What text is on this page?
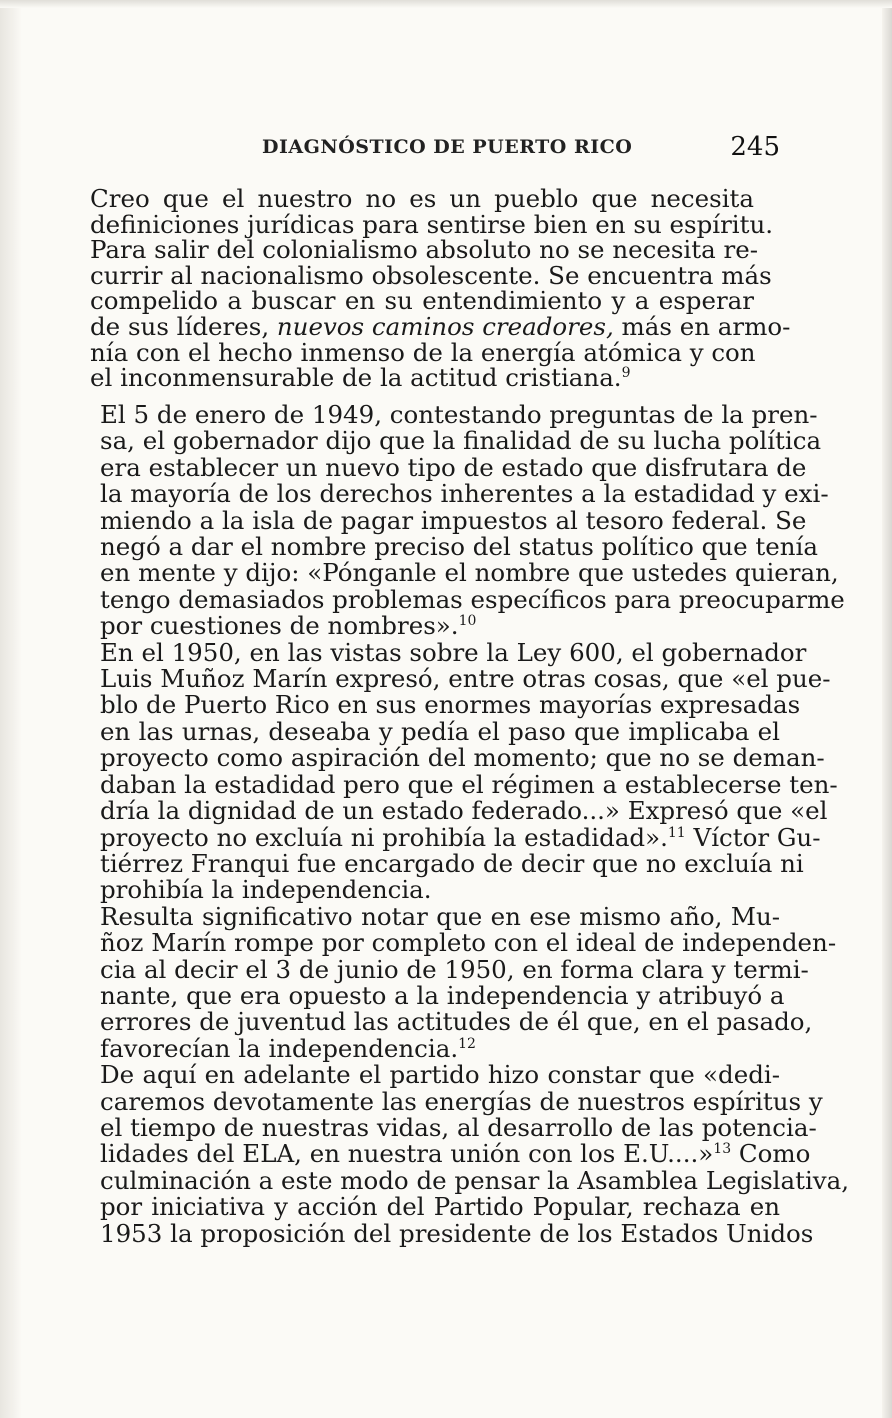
DIAGNÓSTICO DE PUERTO RICO	245

Creo que el nuestro no es un pueblo que necesita
definiciones jurídicas para sentirse bien en su espíritu.
Para salir del colonialismo absoluto no se necesita re-
currir al nacionalismo obsolescente. Se encuentra más
compelido a buscar en su entendimiento y a esperar
de sus líderes, nuevos caminos creadores, más en armo-
nía con el hecho inmenso de la energía atómica y con
el inconmensurable de la actitud cristiana.$^9$

El 5 de enero de 1949, contestando preguntas de la pren-
sa, el gobernador dijo que la finalidad de su lucha política
era establecer un nuevo tipo de estado que disfrutara de
la mayoría de los derechos inherentes a la estadidad y exi-
miendo a la isla de pagar impuestos al tesoro federal. Se
negó a dar el nombre preciso del status político que tenía
en mente y dijo: «Pónganle el nombre que ustedes quieran,
tengo demasiados problemas específicos para preocuparme
por cuestiones de nombres».$^{10}$

En el 1950, en las vistas sobre la Ley 600, el gobernador
Luis Muñoz Marín expresó, entre otras cosas, que «el pue-
blo de Puerto Rico en sus enormes mayorías expresadas
en las urnas, deseaba y pedía el paso que implicaba el
proyecto como aspiración del momento; que no se deman-
daban la estadidad pero que el régimen a establecerse ten-
dría la dignidad de un estado federado...» Expresó que «el
proyecto no excluía ni prohibía la estadidad».$^{11}$ Víctor Gu-
tiérrez Franqui fue encargado de decir que no excluía ni
prohibía la independencia.

Resulta significativo notar que en ese mismo año, Mu-
ñoz Marín rompe por completo con el ideal de independen-
cia al decir el 3 de junio de 1950, en forma clara y termi-
nante, que era opuesto a la independencia y atribuyó a
errores de juventud las actitudes de él que, en el pasado,
favorecían la independencia.$^{12}$

De aquí en adelante el partido hizo constar que «dedi-
caremos devotamente las energías de nuestros espíritus y
el tiempo de nuestras vidas, al desarrollo de las potencia-
lidades del ELA, en nuestra unión con los E.U....»$^{13}$ Como
culminación a este modo de pensar la Asamblea Legislativa,
por iniciativa y acción del Partido Popular, rechaza en
1953 la proposición del presidente de los Estados Unidos
